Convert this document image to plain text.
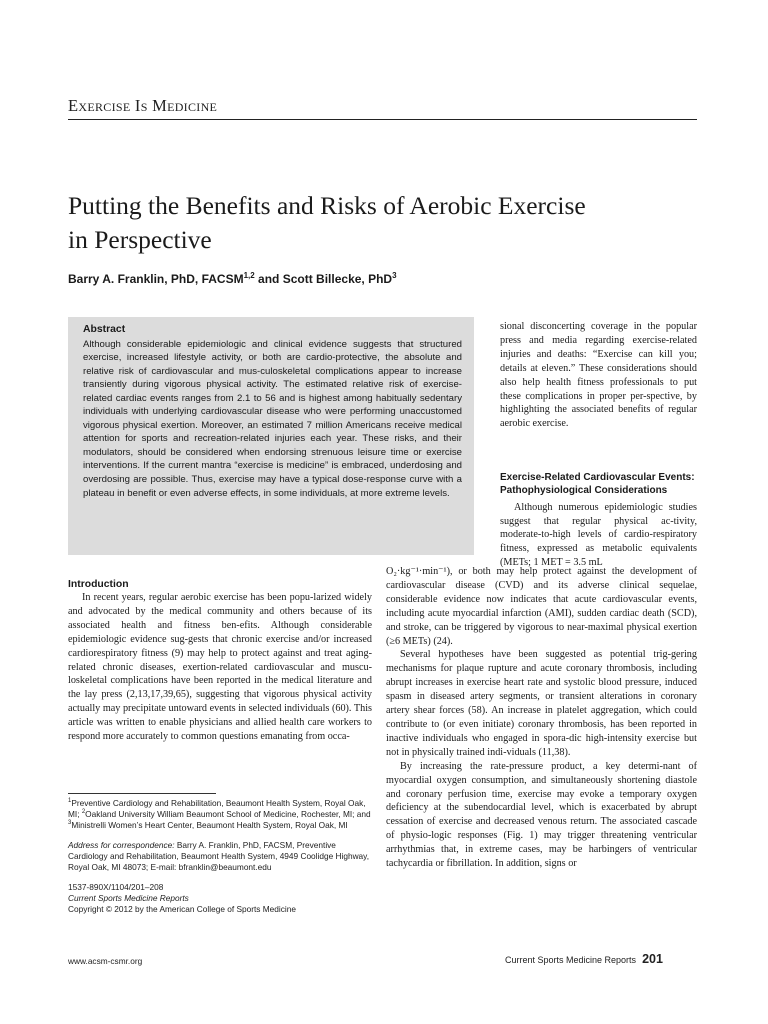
Exercise Is Medicine
Putting the Benefits and Risks of Aerobic Exercise
in Perspective
Barry A. Franklin, PhD, FACSM$^{1,2}$ and Scott Billecke, PhD$^3$
Abstract

Although considerable epidemiologic and clinical evidence suggests that structured exercise, increased lifestyle activity, or both are cardio-protective, the absolute and relative risk of cardiovascular and mus-culoskeletal complications appear to increase transiently during vigorous physical activity. The estimated relative risk of exercise-related cardiac events ranges from 2.1 to 56 and is highest among habitually sedentary individuals with underlying cardiovascular disease who were performing unaccustomed vigorous physical exertion. Moreover, an estimated 7 million Americans receive medical attention for sports and recreation-related injuries each year. These risks, and their modulators, should be considered when endorsing strenuous leisure time or exercise interventions. If the current mantra “exercise is medicine” is embraced, underdosing and overdosing are possible. Thus, exercise may have a typical dose-response curve with a plateau in benefit or even adverse effects, in some individuals, at more extreme levels.

sional disconcerting coverage in the popular press and media regarding exercise-related injuries and deaths: “Exercise can kill you; details at eleven.” These considerations should also help health fitness professionals to put these complications in proper per-spective, by highlighting the associated benefits of regular aerobic exercise.

Exercise-Related Cardiovascular Events: Pathophysiological Considerations

Although numerous epidemiologic studies suggest that regular physical ac-tivity, moderate-to-high levels of cardio-respiratory fitness, expressed as metabolic equivalents (METs; 1 MET = 3.5 mL

O₂·kg⁻¹·min⁻¹), or both may help protect against the development of cardiovascular disease (CVD) and its adverse clinical sequelae, considerable evidence now indicates that acute cardiovascular events, including acute myocardial infarction (AMI), sudden cardiac death (SCD), and stroke, can be triggered by vigorous to near-maximal physical exertion (≥6 METs) (24).

Several hypotheses have been suggested as potential trig-gering mechanisms for plaque rupture and acute coronary thrombosis, including abrupt increases in exercise heart rate and systolic blood pressure, induced spasm in diseased artery segments, or transient alterations in coronary artery shear forces (58). An increase in platelet aggregation, which could contribute to (or even initiate) coronary thrombosis, has been reported in inactive individuals who engaged in spora-dic high-intensity exercise but not in physically trained indi-viduals (11,38).

By increasing the rate-pressure product, a key determi-nant of myocardial oxygen consumption, and simultaneously shortening diastole and coronary perfusion time, exercise may evoke a temporary oxygen deficiency at the subendocardial level, which is exacerbated by abrupt cessation of exercise and decreased venous return. The associated cascade of physio-logic responses (Fig. 1) may trigger threatening ventricular arrhythmias that, in extreme cases, may be harbingers of ventricular tachycardia or fibrillation. In addition, signs or

Introduction

In recent years, regular aerobic exercise has been popu-larized widely and advocated by the medical community and others because of its associated health and fitness ben-efits. Although considerable epidemiologic evidence sug-gests that chronic exercise and/or increased cardiorespiratory fitness (9) may help to protect against and treat aging-related chronic diseases, exertion-related cardiovascular and muscu-loskeletal complications have been reported in the medical literature and the lay press (2,13,17,39,65), suggesting that vigorous physical activity actually may precipitate untoward events in selected individuals (60). This article was written to enable physicians and allied health care workers to respond more accurately to common questions emanating from occa-

$^1$Preventive Cardiology and Rehabilitation, Beaumont Health System, Royal Oak, MI; $^2$Oakland University William Beaumont School of Medicine, Rochester, MI; and $^3$Ministrelli Women’s Heart Center, Beaumont Health System, Royal Oak, MI

Address for correspondence: Barry A. Franklin, PhD, FACSM, Preventive Cardiology and Rehabilitation, Beaumont Health System, 4949 Coolidge Highway, Royal Oak, MI 48073; E-mail: bfranklin@beaumont.edu

1537-890X/1104/201–208
Current Sports Medicine Reports
Copyright © 2012 by the American College of Sports Medicine

www.acsm-csmr.org	Current Sports Medicine Reports 201
